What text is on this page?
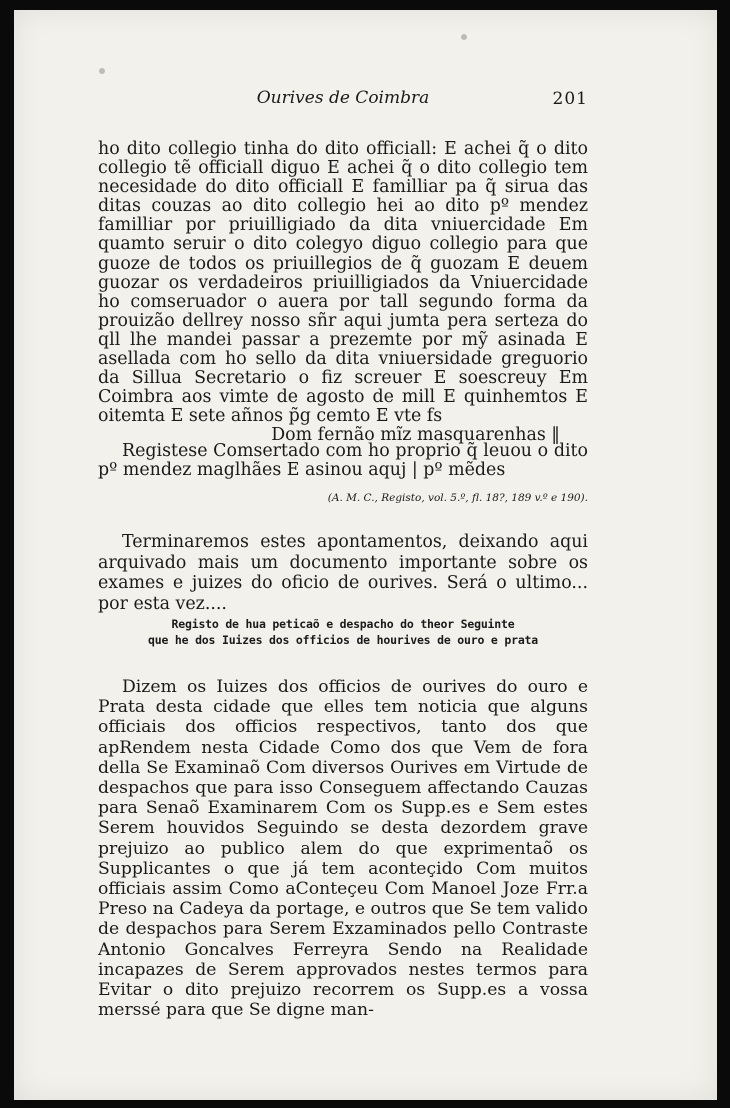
Ourives de Coimbra	201

ho dito collegio tinha do dito officiall: E achei q̃ o dito collegio tẽ officiall diguo E achei q̃ o dito collegio tem necesidade do dito officiall E familliar pa q̃ sirua das ditas couzas ao dito collegio hei ao dito pº mendez familliar por priuilligiado da dita vniuercidade Em quamto seruir o dito colegyo diguo collegio para que guoze de todos os priuillegios de q̃ guozam E deuem guozar os verdadeiros priuilligiados da Vniuercidade ho comseruador o auera por tall segundo forma da prouizão dellrey nosso sñr aqui jumta pera serteza do qll lhe mandei passar a prezemte por mỹ asinada E asellada com ho sello da dita vniuersidade greguorio da Sillua Secretario o fiz screuer E soescreuy Em Coimbra aos vimte de agosto de mill E quinhemtos E oitemta E sete añnos p̃g cemto E vte fs

Dom fernão mĩz masquarenhas ‖

Registese Comsertado com ho proprio q̃ leuou o dito pº mendez maglhães E asinou aquj | pº mẽdes

(A. M. C., Registo, vol. 5.º, fl. 18?, 189 v.º e 190).

Terminaremos estes apontamentos, deixando aqui arquivado mais um documento importante sobre os exames e juizes do oficio de ourives. Será o ultimo... por esta vez....

Registo de hua peticaõ e despacho do theor Seguinte
que he dos Iuizes dos officios de hourives de ouro e prata

Dizem os Iuizes dos officios de ourives do ouro e Prata desta cidade que elles tem noticia que alguns officiais dos officios respectivos, tanto dos que apRendem nesta Cidade Como dos que Vem de fora della Se Examinaõ Com diversos Ourives em Virtude de despachos que para isso Conseguem affectando Cauzas para Senaõ Examinarem Com os Supp.es e Sem estes Serem houvidos Seguindo se desta dezordem grave prejuizo ao publico alem do que exprimentaõ os Supplicantes o que já tem aconteçido Com muitos officiais assim Como aConteçeu Com Manoel Joze Frr.a Preso na Cadeya da portage, e outros que Se tem valido de despachos para Serem Exzaminados pello Contraste Antonio Goncalves Ferreyra Sendo na Realidade incapazes de Serem approvados nestes termos para Evitar o dito prejuizo recorrem os Supp.es a vossa merssé para que Se digne man-
